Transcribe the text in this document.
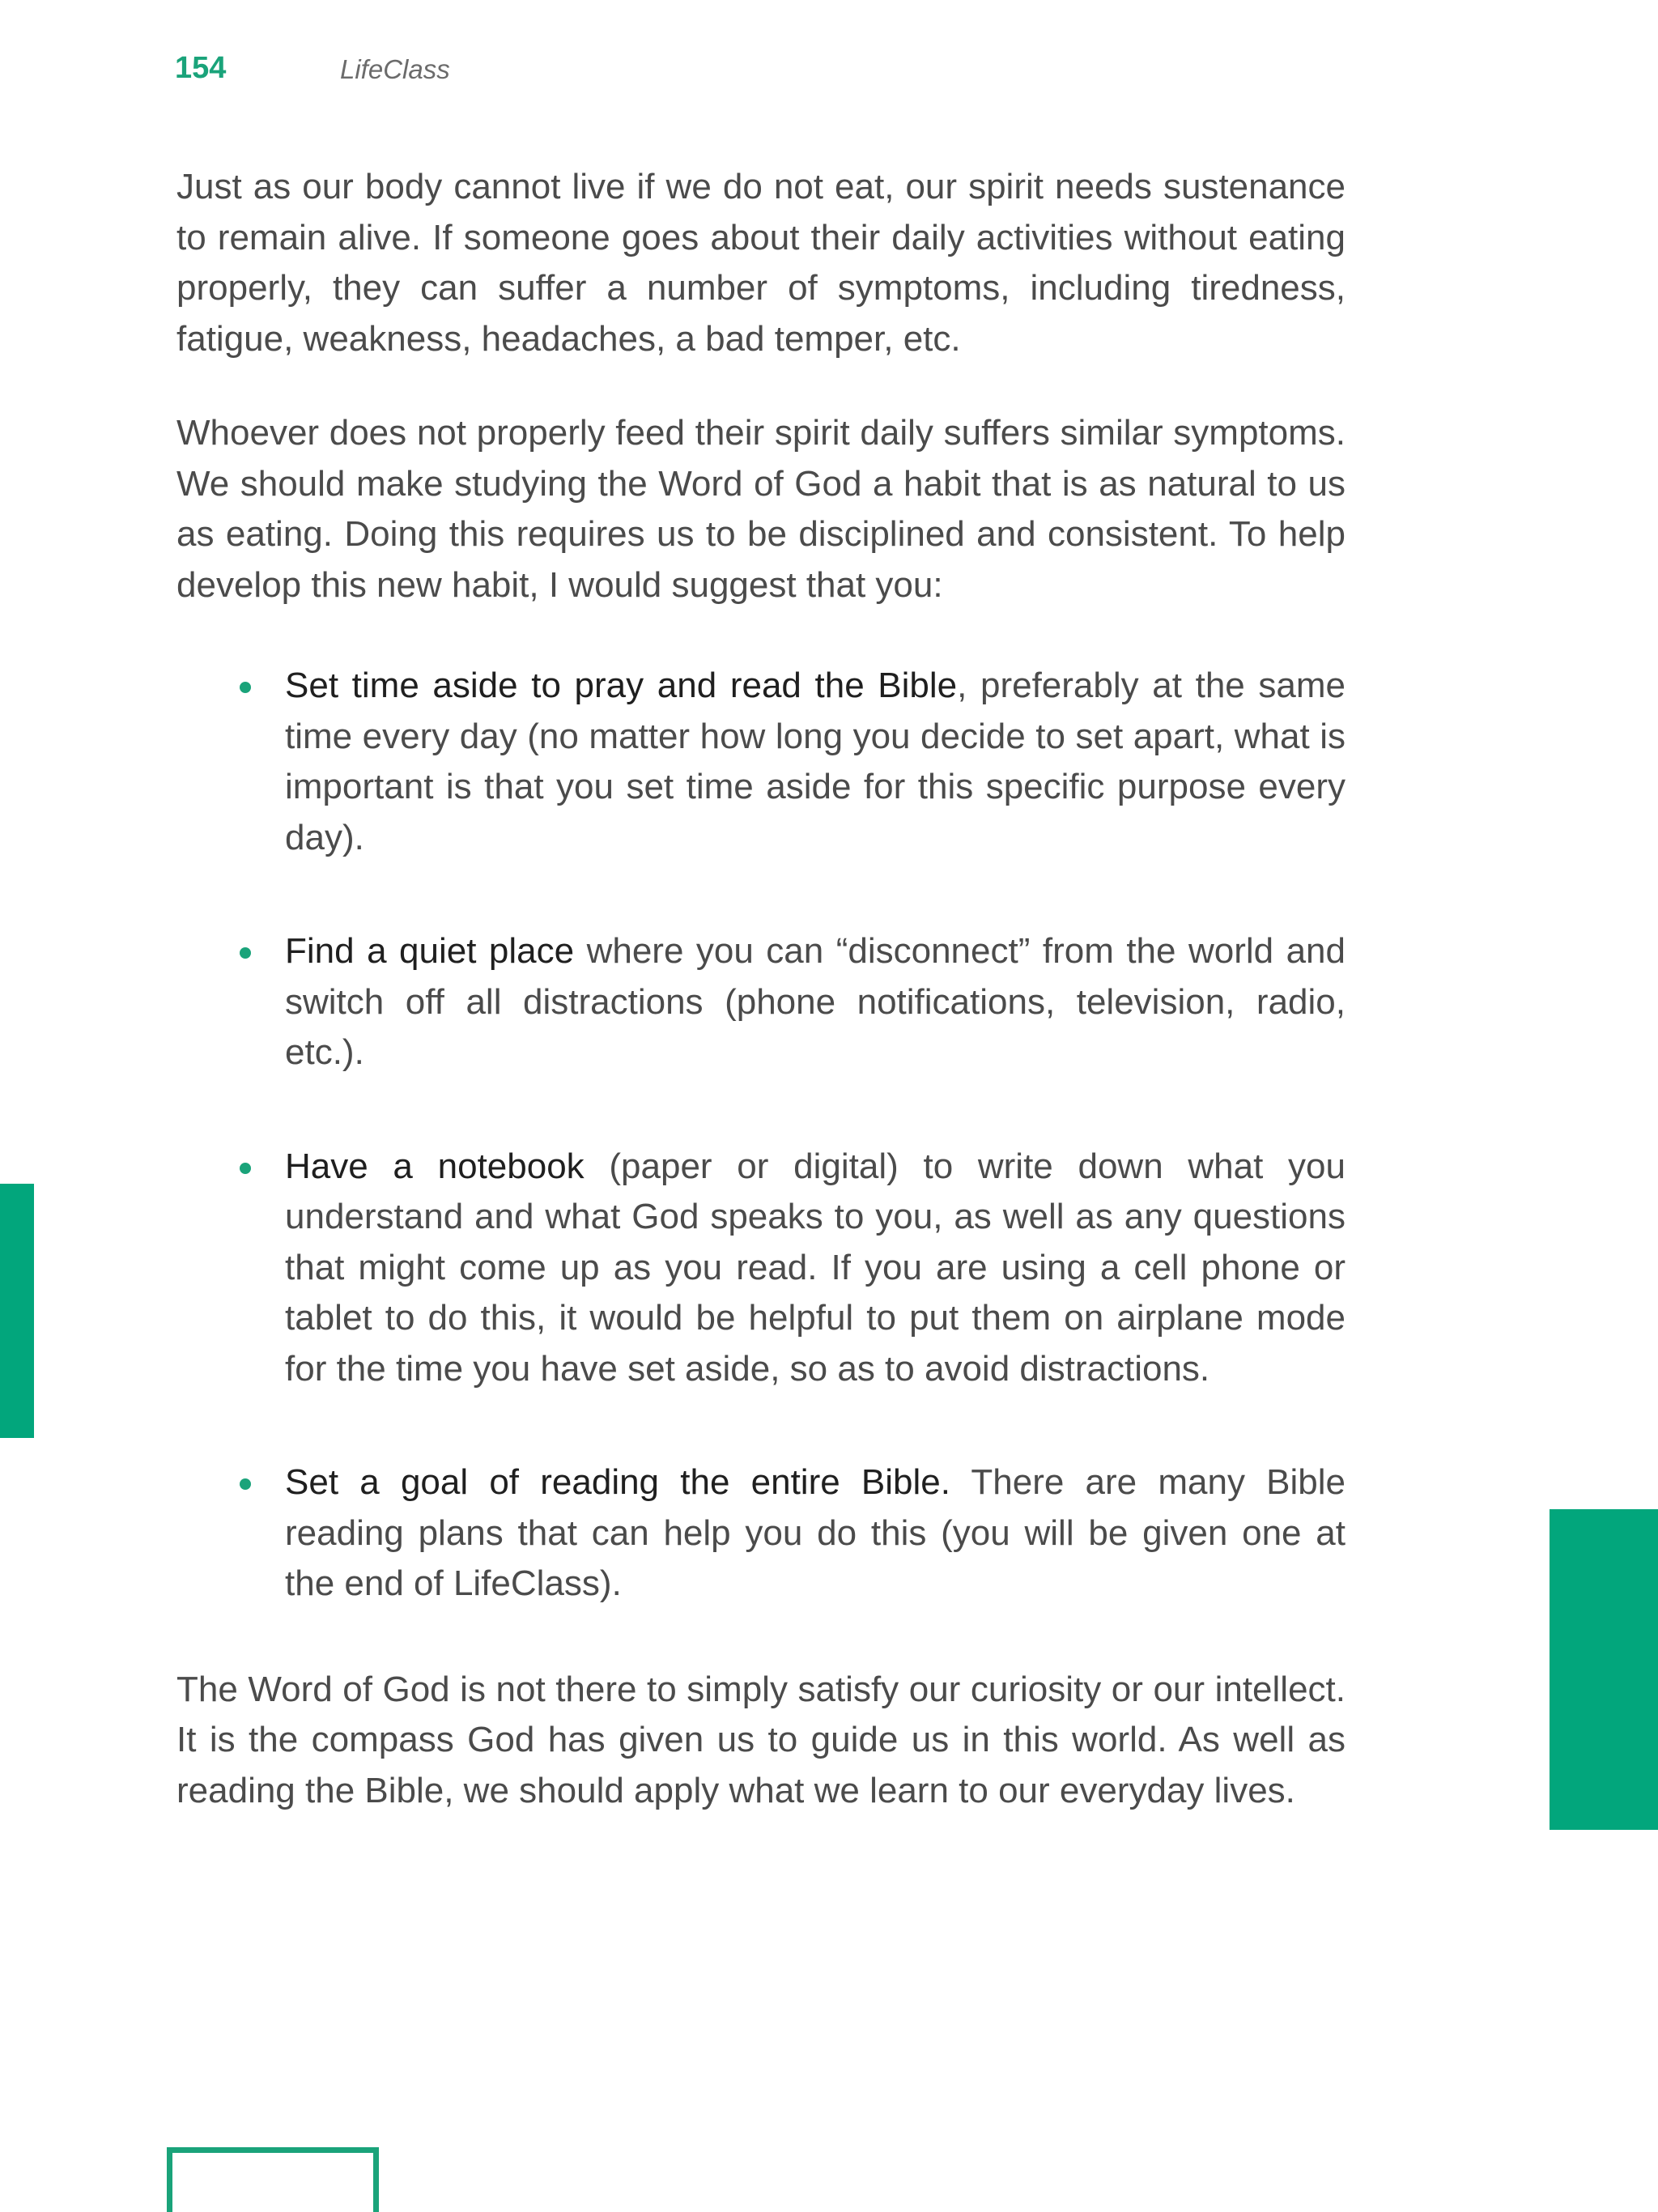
154	LifeClass

Just as our body cannot live if we do not eat, our spirit needs sustenance to remain alive. If someone goes about their daily activities without eating properly, they can suffer a number of symptoms, including tiredness, fatigue, weakness, headaches, a bad temper, etc.

Whoever does not properly feed their spirit daily suffers similar symptoms. We should make studying the Word of God a habit that is as natural to us as eating. Doing this requires us to be disciplined and consistent. To help develop this new habit, I would suggest that you:

Set time aside to pray and read the Bible, preferably at the same time every day (no matter how long you decide to set apart, what is important is that you set time aside for this specific purpose every day).
Find a quiet place where you can “disconnect” from the world and switch off all distractions (phone notifications, television, radio, etc.).
Have a notebook (paper or digital) to write down what you understand and what God speaks to you, as well as any questions that might come up as you read. If you are using a cell phone or tablet to do this, it would be helpful to put them on airplane mode for the time you have set aside, so as to avoid distractions.
Set a goal of reading the entire Bible. There are many Bible reading plans that can help you do this (you will be given one at the end of LifeClass).

The Word of God is not there to simply satisfy our curiosity or our intellect. It is the compass God has given us to guide us in this world. As well as reading the Bible, we should apply what we learn to our everyday lives.
